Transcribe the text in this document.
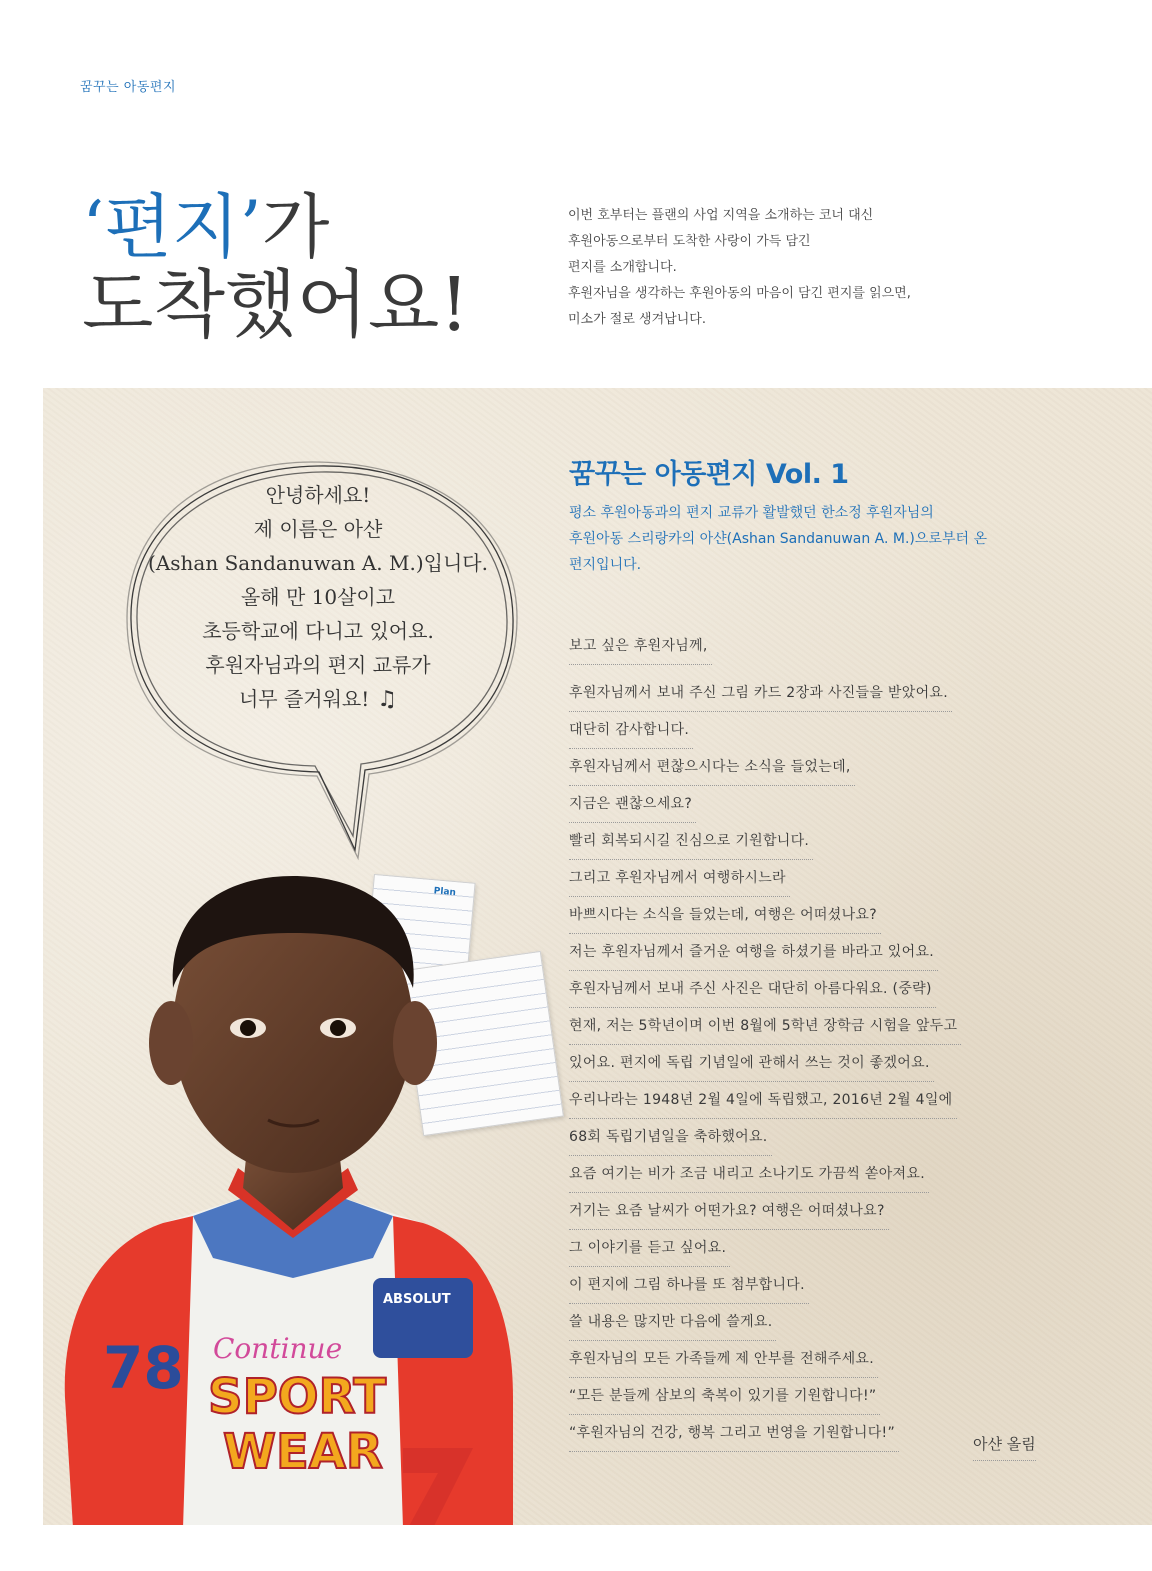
꿈꾸는 아동편지
‘편지’가
도착했어요!
이번 호부터는 플랜의 사업 지역을 소개하는 코너 대신
후원아동으로부터 도착한 사랑이 가득 담긴
편지를 소개합니다.
후원자님을 생각하는 후원아동의 마음이 담긴 편지를 읽으면,
미소가 절로 생겨납니다.
안녕하세요!
제 이름은 아샨
(Ashan Sandanuwan A. M.)입니다.
올해 만 10살이고
초등학교에 다니고 있어요.
후원자님과의 편지 교류가
너무 즐거워요! ♫
Plan
78
ABSOLUT
Continue
SPORT
WEAR
꿈꾸는 아동편지 Vol. 1
평소 후원아동과의 편지 교류가 활발했던 한소정 후원자님의
후원아동 스리랑카의 아샨(Ashan Sandanuwan A. M.)으로부터 온
편지입니다.
보고 싶은 후원자님께,
후원자님께서 보내 주신 그림 카드 2장과 사진들을 받았어요.
대단히 감사합니다.
후원자님께서 편찮으시다는 소식을 들었는데,
지금은 괜찮으세요?
빨리 회복되시길 진심으로 기원합니다.
그리고 후원자님께서 여행하시느라
바쁘시다는 소식을 들었는데, 여행은 어떠셨나요?
저는 후원자님께서 즐거운 여행을 하셨기를 바라고 있어요.
후원자님께서 보내 주신 사진은 대단히 아름다워요. (중략)
현재, 저는 5학년이며 이번 8월에 5학년 장학금 시험을 앞두고
있어요. 편지에 독립 기념일에 관해서 쓰는 것이 좋겠어요.
우리나라는 1948년 2월 4일에 독립했고, 2016년 2월 4일에
68회 독립기념일을 축하했어요.
요즘 여기는 비가 조금 내리고 소나기도 가끔씩 쏟아져요.
거기는 요즘 날씨가 어떤가요? 여행은 어떠셨나요?
그 이야기를 듣고 싶어요.
이 편지에 그림 하나를 또 첨부합니다.
쓸 내용은 많지만 다음에 쓸게요.
후원자님의 모든 가족들께 제 안부를 전해주세요.
“모든 분들께 삼보의 축복이 있기를 기원합니다!”
“후원자님의 건강, 행복 그리고 번영을 기원합니다!”
아샨 올림
